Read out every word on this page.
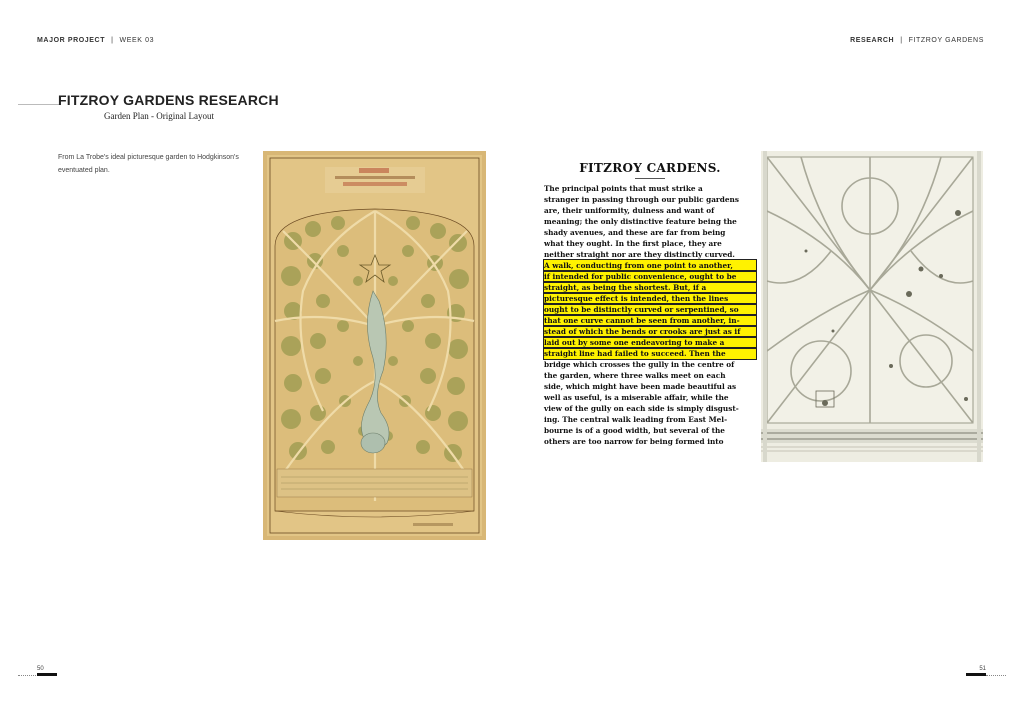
MAJOR PROJECT | WEEK 03	RESEARCH | FITZROY GARDENS
FITZROY GARDENS RESEARCH
Garden Plan - Original Layout
From La Trobe's ideal picturesque garden to Hodgkinson's eventuated plan.	FITZROY CARDENS.
The principal points that must strike a
stranger in passing through our public gardens
are, their uniformity, dulness and want of
meaning; the only distinctive feature being the
shady avenues, and these are far from being
what they ought. In the first place, they are
neither straight nor are they distinctly curved.
A walk, conducting from one point to another,
if intended for public convenience, ought to be
straight, as being the shortest. But, if a
picturesque effect is intended, then the lines
ought to be distinctly curved or serpentined, so
that one curve cannot be seen from another, in-
stead of which the bends or crooks are just as if
laid out by some one endeavoring to make a
straight line had failed to succeed. Then the
bridge which crosses the gully in the centre of
the garden, where three walks meet on each
side, which might have been made beautiful as
well as useful, is a miserable affair, while the
view of the gully on each side is simply disgust-
ing. The central walk leading from East Mel-
bourne is of a good width, but several of the
others are too narrow for being formed into
50	51
